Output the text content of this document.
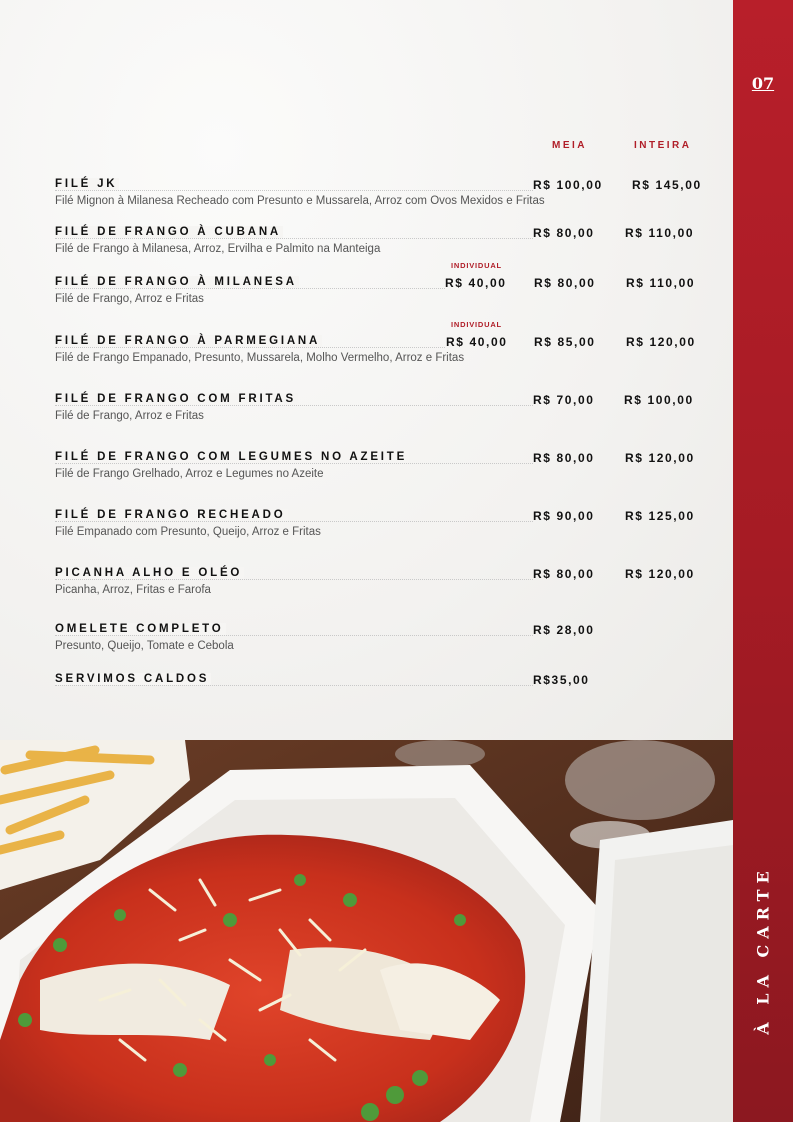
MEIA	INTEIRA
FILÉ JK	R$ 100,00 R$ 145,00
Filé Mignon à Milanesa Recheado com Presunto e Mussarela, Arroz com Ovos Mexidos e Fritas
FILÉ DE FRANGO À CUBANA	R$ 80,00	R$ 110,00
Filé de Frango à Milanesa, Arroz, Ervilha e Palmito na Manteiga
INDIVIDUAL
FILÉ DE FRANGO À MILANESA	R$ 40,00 R$ 80,00	R$ 110,00
Filé de Frango, Arroz e Fritas
INDIVIDUAL
FILÉ DE FRANGO À PARMEGIANA	R$ 40,00 R$ 85,00	R$ 120,00
Filé de Frango Empanado, Presunto, Mussarela, Molho Vermelho, Arroz e Fritas
FILÉ DE FRANGO COM FRITAS	R$ 70,00 R$ 100,00
Filé de Frango, Arroz e Fritas
FILÉ DE FRANGO COM LEGUMES NO AZEITE	R$ 80,00	R$ 120,00
Filé de Frango Grelhado, Arroz e Legumes no Azeite
FILÉ DE FRANGO RECHEADO	R$ 90,00	R$ 125,00
Filé Empanado com Presunto, Queijo, Arroz e Fritas
PICANHA ALHO E OLÉO	R$ 80,00	R$ 120,00
Picanha, Arroz, Fritas e Farofa
OMELETE COMPLETO	R$ 28,00
Presunto, Queijo, Tomate e Cebola
SERVIMOS CALDOS	R$35,00
07
À LA CARTE
